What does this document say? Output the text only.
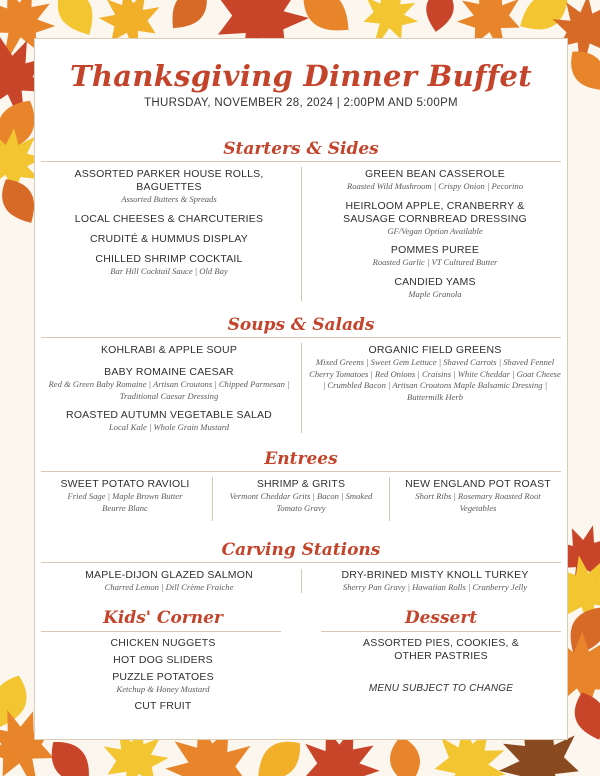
Thanksgiving Dinner Buffet
THURSDAY, NOVEMBER 28, 2024 | 2:00PM AND 5:00PM
Starters & Sides
ASSORTED PARKER HOUSE ROLLS, BAGUETTES
Assorted Butters & Spreads
LOCAL CHEESES & CHARCUTERIES
CRUDITÉ & HUMMUS DISPLAY
CHILLED SHRIMP COCKTAIL
Bar Hill Cocktail Sauce | Old Bay
GREEN BEAN CASSEROLE
Roasted Wild Mushroom | Crispy Onion | Pecorino
HEIRLOOM APPLE, CRANBERRY & SAUSAGE CORNBREAD DRESSING
GF/Vegan Option Available
POMMES PUREE
Roasted Garlic | VT Cultured Butter
CANDIED YAMS
Maple Granola
Soups & Salads
KOHLRABI & APPLE SOUP
BABY ROMAINE CAESAR
Red & Green Baby Romaine | Artisan Croutons | Chipped Parmesan | Traditional Caesar Dressing
ROASTED AUTUMN VEGETABLE SALAD
Local Kale | Whole Grain Mustard
ORGANIC FIELD GREENS
Mixed Greens | Sweet Gem Lettuce | Shaved Carrots | Shaved Fennel Cherry Tomatoes | Red Onions | Craisins | White Cheddar | Goat Cheese | Crumbled Bacon | Artisan Croutons Maple Balsamic Dressing | Buttermilk Herb
Entrees
SWEET POTATO RAVIOLI
Fried Sage | Maple Brown Butter Beurre Blanc
SHRIMP & GRITS
Vermont Cheddar Grits | Bacon | Smoked Tomato Gravy
NEW ENGLAND POT ROAST
Short Ribs | Rosemary Roasted Root Vegetables
Carving Stations
MAPLE-DIJON GLAZED SALMON
Charred Lemon | Dill Crème Fraiche
DRY-BRINED MISTY KNOLL TURKEY
Sherry Pan Gravy | Hawaiian Rolls | Cranberry Jelly
Kids' Corner
CHICKEN NUGGETS
HOT DOG SLIDERS
PUZZLE POTATOES
Ketchup & Honey Mustard
CUT FRUIT
Dessert
ASSORTED PIES, COOKIES, & OTHER PASTRIES
MENU SUBJECT TO CHANGE
